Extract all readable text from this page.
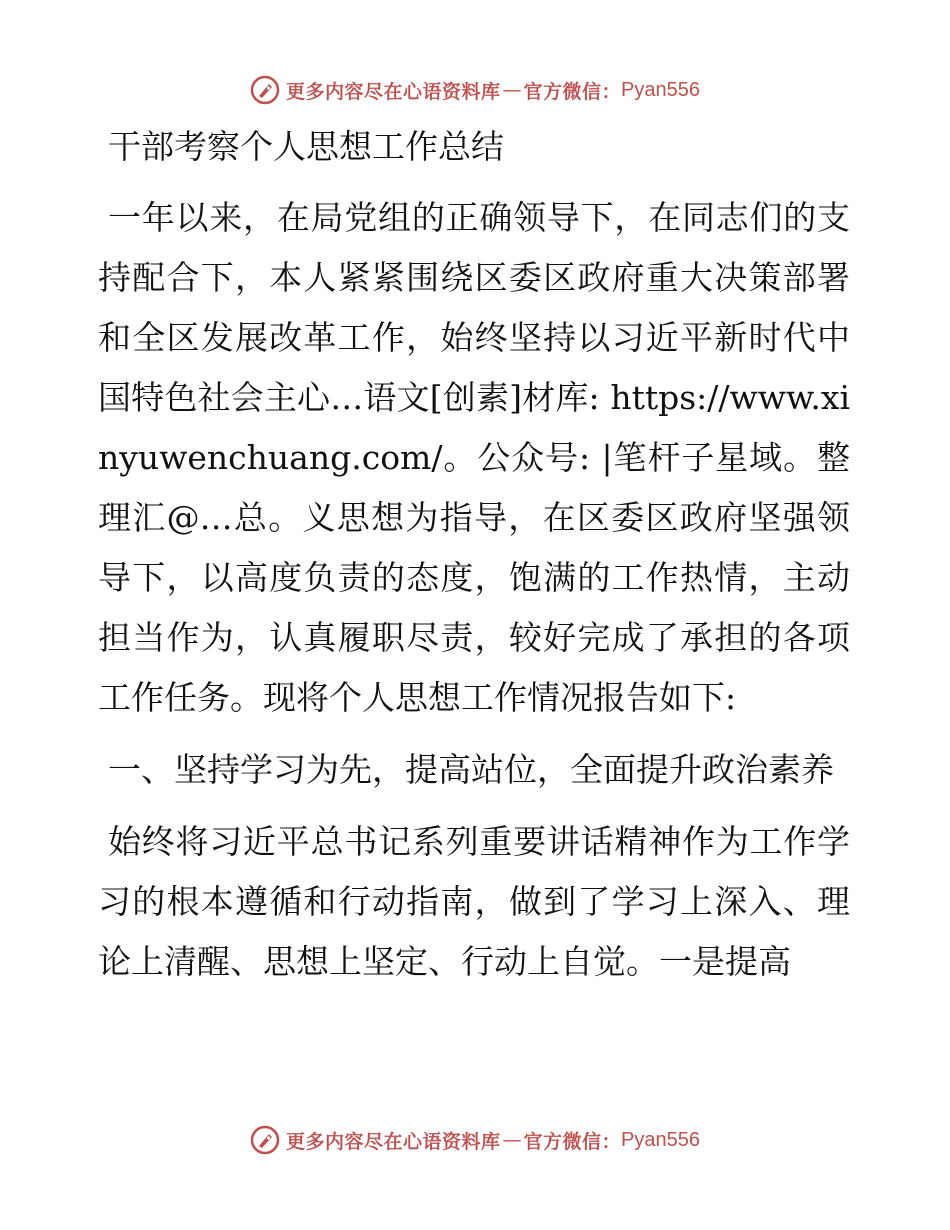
更多内容尽在心语资料库 — 官方微信： Pyan556
干部考察个人思想工作总结

一年以来，在局党组的正确领导下，在同志们的支持配合下，本人紧紧围绕区委区政府重大决策部署和全区发展改革工作，始终坚持以习近平新时代中国特色社会主心…语文[创素]材库: https://www.xinyuwenchuang.com/。公众号: |笔杆子星域。整理汇@…总。义思想为指导，在区委区政府坚强领导下，以高度负责的态度，饱满的工作热情，主动担当作为，认真履职尽责，较好完成了承担的各项工作任务。现将个人思想工作情况报告如下:

一、坚持学习为先，提高站位，全面提升政治素养

始终将习近平总书记系列重要讲话精神作为工作学习的根本遵循和行动指南，做到了学习上深入、理论上清醒、思想上坚定、行动上自觉。一是提高

更多内容尽在心语资料库 — 官方微信： Pyan556
